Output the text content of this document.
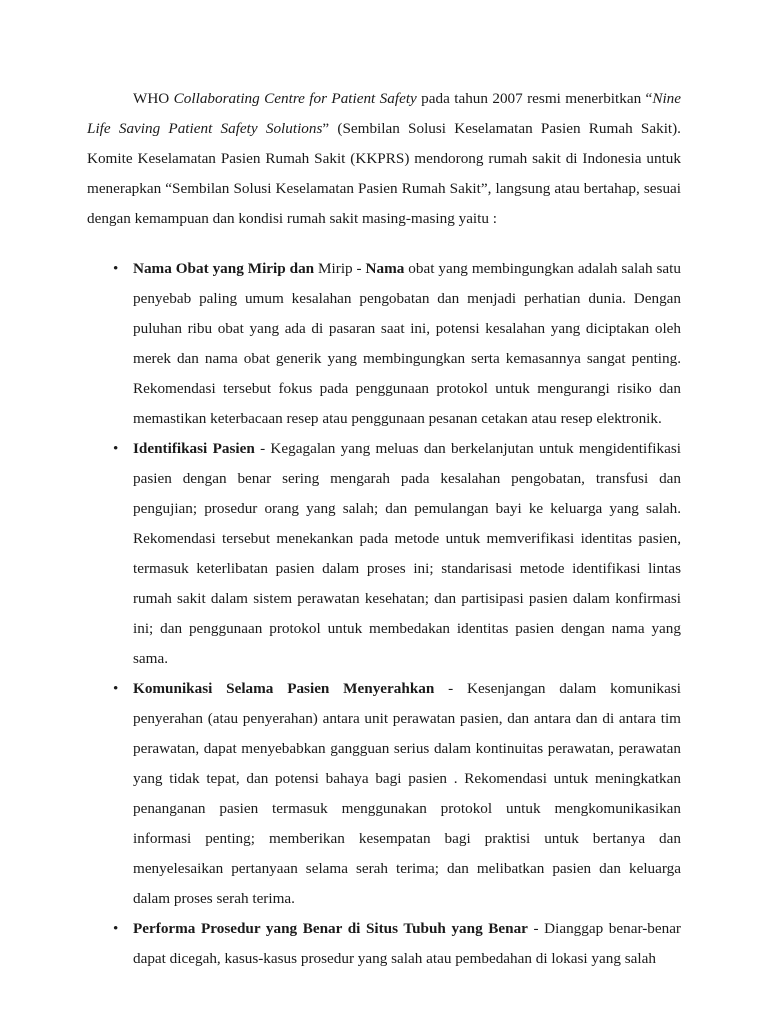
WHO Collaborating Centre for Patient Safety pada tahun 2007 resmi menerbitkan “Nine Life Saving Patient Safety Solutions” (Sembilan Solusi Keselamatan Pasien Rumah Sakit). Komite Keselamatan Pasien Rumah Sakit (KKPRS) mendorong rumah sakit di Indonesia untuk menerapkan “Sembilan Solusi Keselamatan Pasien Rumah Sakit”, langsung atau bertahap, sesuai dengan kemampuan dan kondisi rumah sakit masing-masing yaitu :

• Nama Obat yang Mirip dan Mirip - Nama obat yang membingungkan adalah salah satu penyebab paling umum kesalahan pengobatan dan menjadi perhatian dunia. Dengan puluhan ribu obat yang ada di pasaran saat ini, potensi kesalahan yang diciptakan oleh merek dan nama obat generik yang membingungkan serta kemasannya sangat penting. Rekomendasi tersebut fokus pada penggunaan protokol untuk mengurangi risiko dan memastikan keterbacaan resep atau penggunaan pesanan cetakan atau resep elektronik.
• Identifikasi Pasien - Kegagalan yang meluas dan berkelanjutan untuk mengidentifikasi pasien dengan benar sering mengarah pada kesalahan pengobatan, transfusi dan pengujian; prosedur orang yang salah; dan pemulangan bayi ke keluarga yang salah. Rekomendasi tersebut menekankan pada metode untuk memverifikasi identitas pasien, termasuk keterlibatan pasien dalam proses ini; standarisasi metode identifikasi lintas rumah sakit dalam sistem perawatan kesehatan; dan partisipasi pasien dalam konfirmasi ini; dan penggunaan protokol untuk membedakan identitas pasien dengan nama yang sama.
• Komunikasi Selama Pasien Menyerahkan - Kesenjangan dalam komunikasi penyerahan (atau penyerahan) antara unit perawatan pasien, dan antara dan di antara tim perawatan, dapat menyebabkan gangguan serius dalam kontinuitas perawatan, perawatan yang tidak tepat, dan potensi bahaya bagi pasien . Rekomendasi untuk meningkatkan penanganan pasien termasuk menggunakan protokol untuk mengkomunikasikan informasi penting; memberikan kesempatan bagi praktisi untuk bertanya dan menyelesaikan pertanyaan selama serah terima; dan melibatkan pasien dan keluarga dalam proses serah terima.
• Performa Prosedur yang Benar di Situs Tubuh yang Benar - Dianggap benar-benar dapat dicegah, kasus-kasus prosedur yang salah atau pembedahan di lokasi yang salah
